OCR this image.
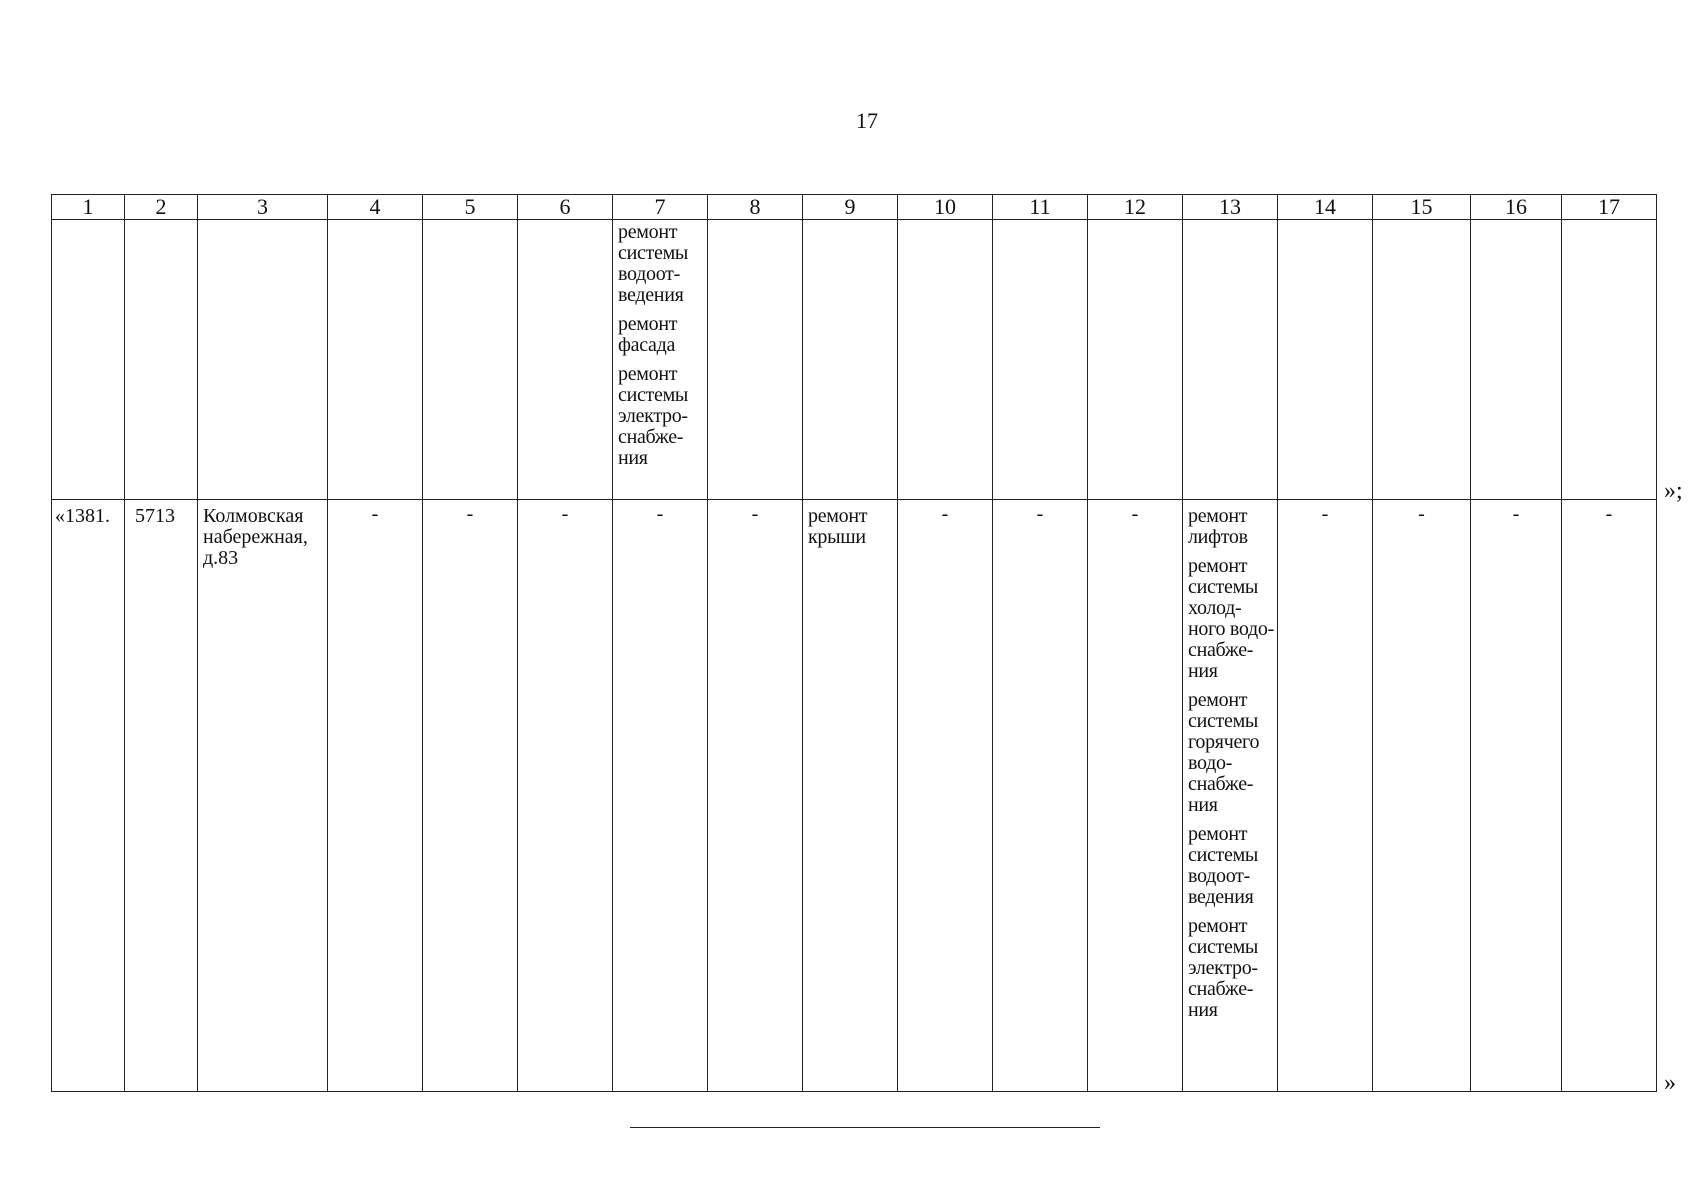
17
1	2	3	4	5	6	7	8	9	10	11	12	13	14	15	16	17

						ремонт системы водоот-ведения
ремонт фасада
ремонт системы электро-снабже-ния										

«1381.	5713	Колмовская набережная, д.83	-	-	-	-	-	ремонт крыши	-	-	-	ремонт лифтов
ремонт системы холод-ного водо-снабже-ния
ремонт системы горячего водо-снабже-ния
ремонт системы водоот-ведения
ремонт системы электро-снабже-ния	-	-	-	-
»;
»
